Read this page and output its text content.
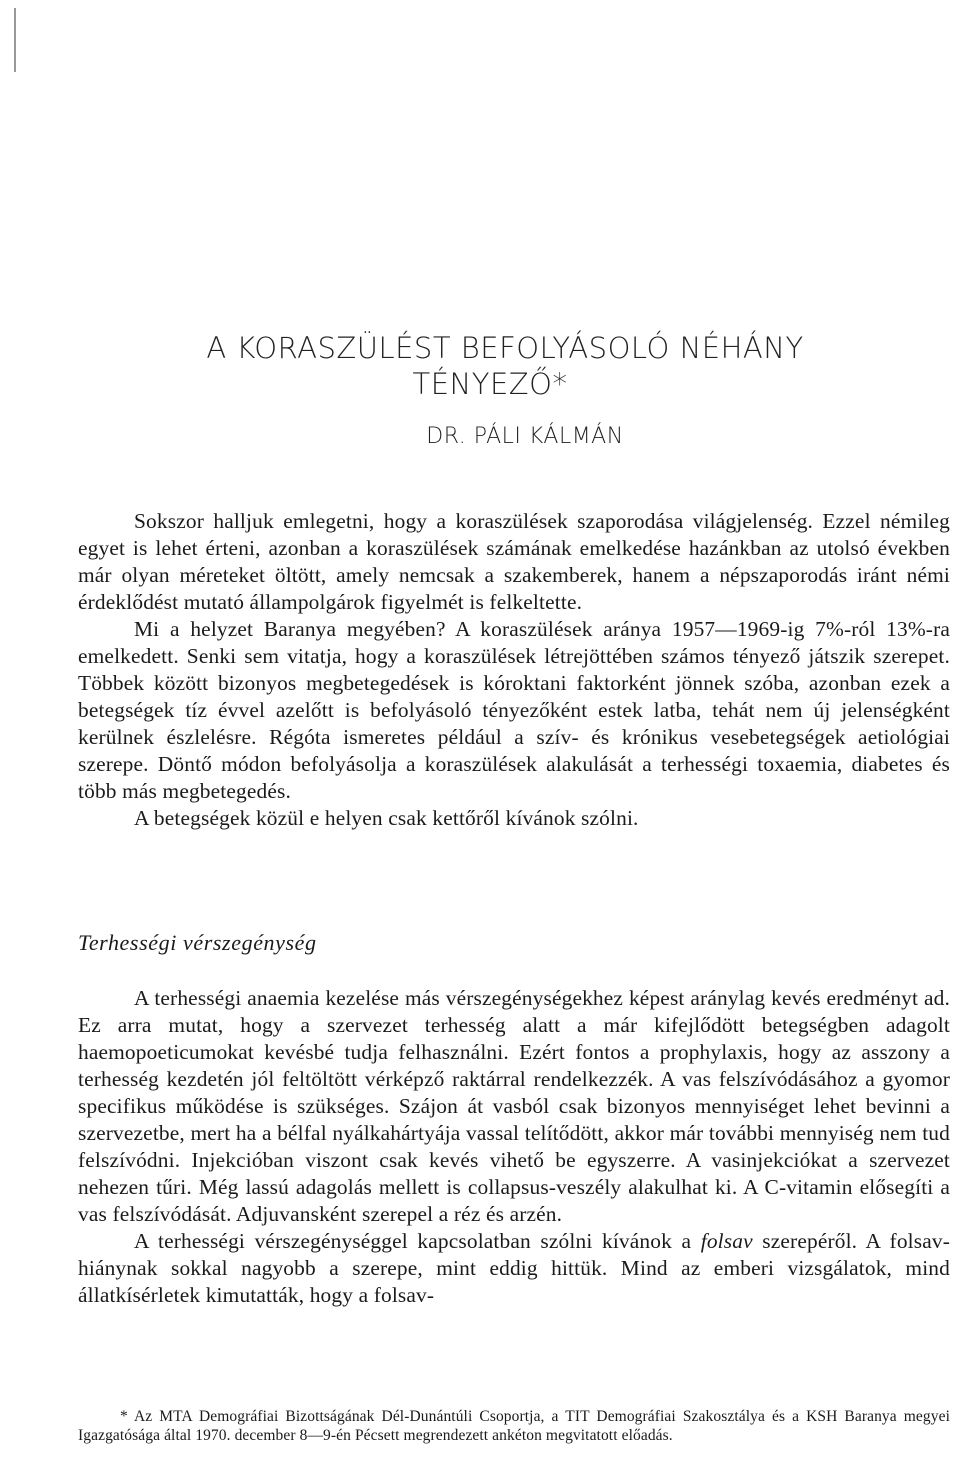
A KORASZÜLÉST BEFOLYÁSOLÓ NÉHÁNY
TÉNYEZŐ*
DR. PÁLI KÁLMÁN

Sokszor halljuk emlegetni, hogy a koraszülések szaporodása világjelenség. Ezzel némileg egyet is lehet érteni, azonban a koraszülések számának emelkedése hazánkban az utolsó években már olyan méreteket öltött, amely nemcsak a szakemberek, hanem a népszaporodás iránt némi érdeklődést mutató állampolgárok figyelmét is felkeltette.

Mi a helyzet Baranya megyében? A koraszülések aránya 1957—1969-ig 7%-ról 13%-ra emelkedett. Senki sem vitatja, hogy a koraszülések létrejöttében számos tényező játszik szerepet. Többek között bizonyos megbetegedések is kóroktani faktorként jönnek szóba, azonban ezek a betegségek tíz évvel azelőtt is befolyásoló tényezőként estek latba, tehát nem új jelenségként kerülnek észlelésre. Régóta ismeretes például a szív- és krónikus vesebetegségek aetiológiai szerepe. Döntő módon befolyásolja a koraszülések alakulását a terhességi toxaemia, diabetes és több más megbetegedés.

A betegségek közül e helyen csak kettőről kívánok szólni.

Terhességi vérszegénység

A terhességi anaemia kezelése más vérszegénységekhez képest aránylag kevés eredményt ad. Ez arra mutat, hogy a szervezet terhesség alatt a már kifejlődött betegségben adagolt haemopoeticumokat kevésbé tudja felhasználni. Ezért fontos a prophylaxis, hogy az asszony a terhesség kezdetén jól feltöltött vérképző raktárral rendelkezzék. A vas felszívódásához a gyomor specifikus működése is szükséges. Szájon át vasból csak bizonyos mennyiséget lehet bevinni a szervezetbe, mert ha a bélfal nyálkahártyája vassal telítődött, akkor már további mennyiség nem tud felszívódni. Injekcióban viszont csak kevés vihető be egyszerre. A vasinjekciókat a szervezet nehezen tűri. Még lassú adagolás mellett is collapsus-veszély alakulhat ki. A C-vitamin elősegíti a vas felszívódását. Adjuvansként szerepel a réz és arzén.

A terhességi vérszegénységgel kapcsolatban szólni kívánok a folsav szerepéről. A folsav-hiánynak sokkal nagyobb a szerepe, mint eddig hittük. Mind az emberi vizsgálatok, mind állatkísérletek kimutatták, hogy a folsav-

* Az MTA Demográfiai Bizottságának Dél-Dunántúli Csoportja, a TIT Demográfiai Szakosztálya és a KSH Baranya megyei Igazgatósága által 1970. december 8—9-én Pécsett megrendezett ankéton megvitatott előadás.
